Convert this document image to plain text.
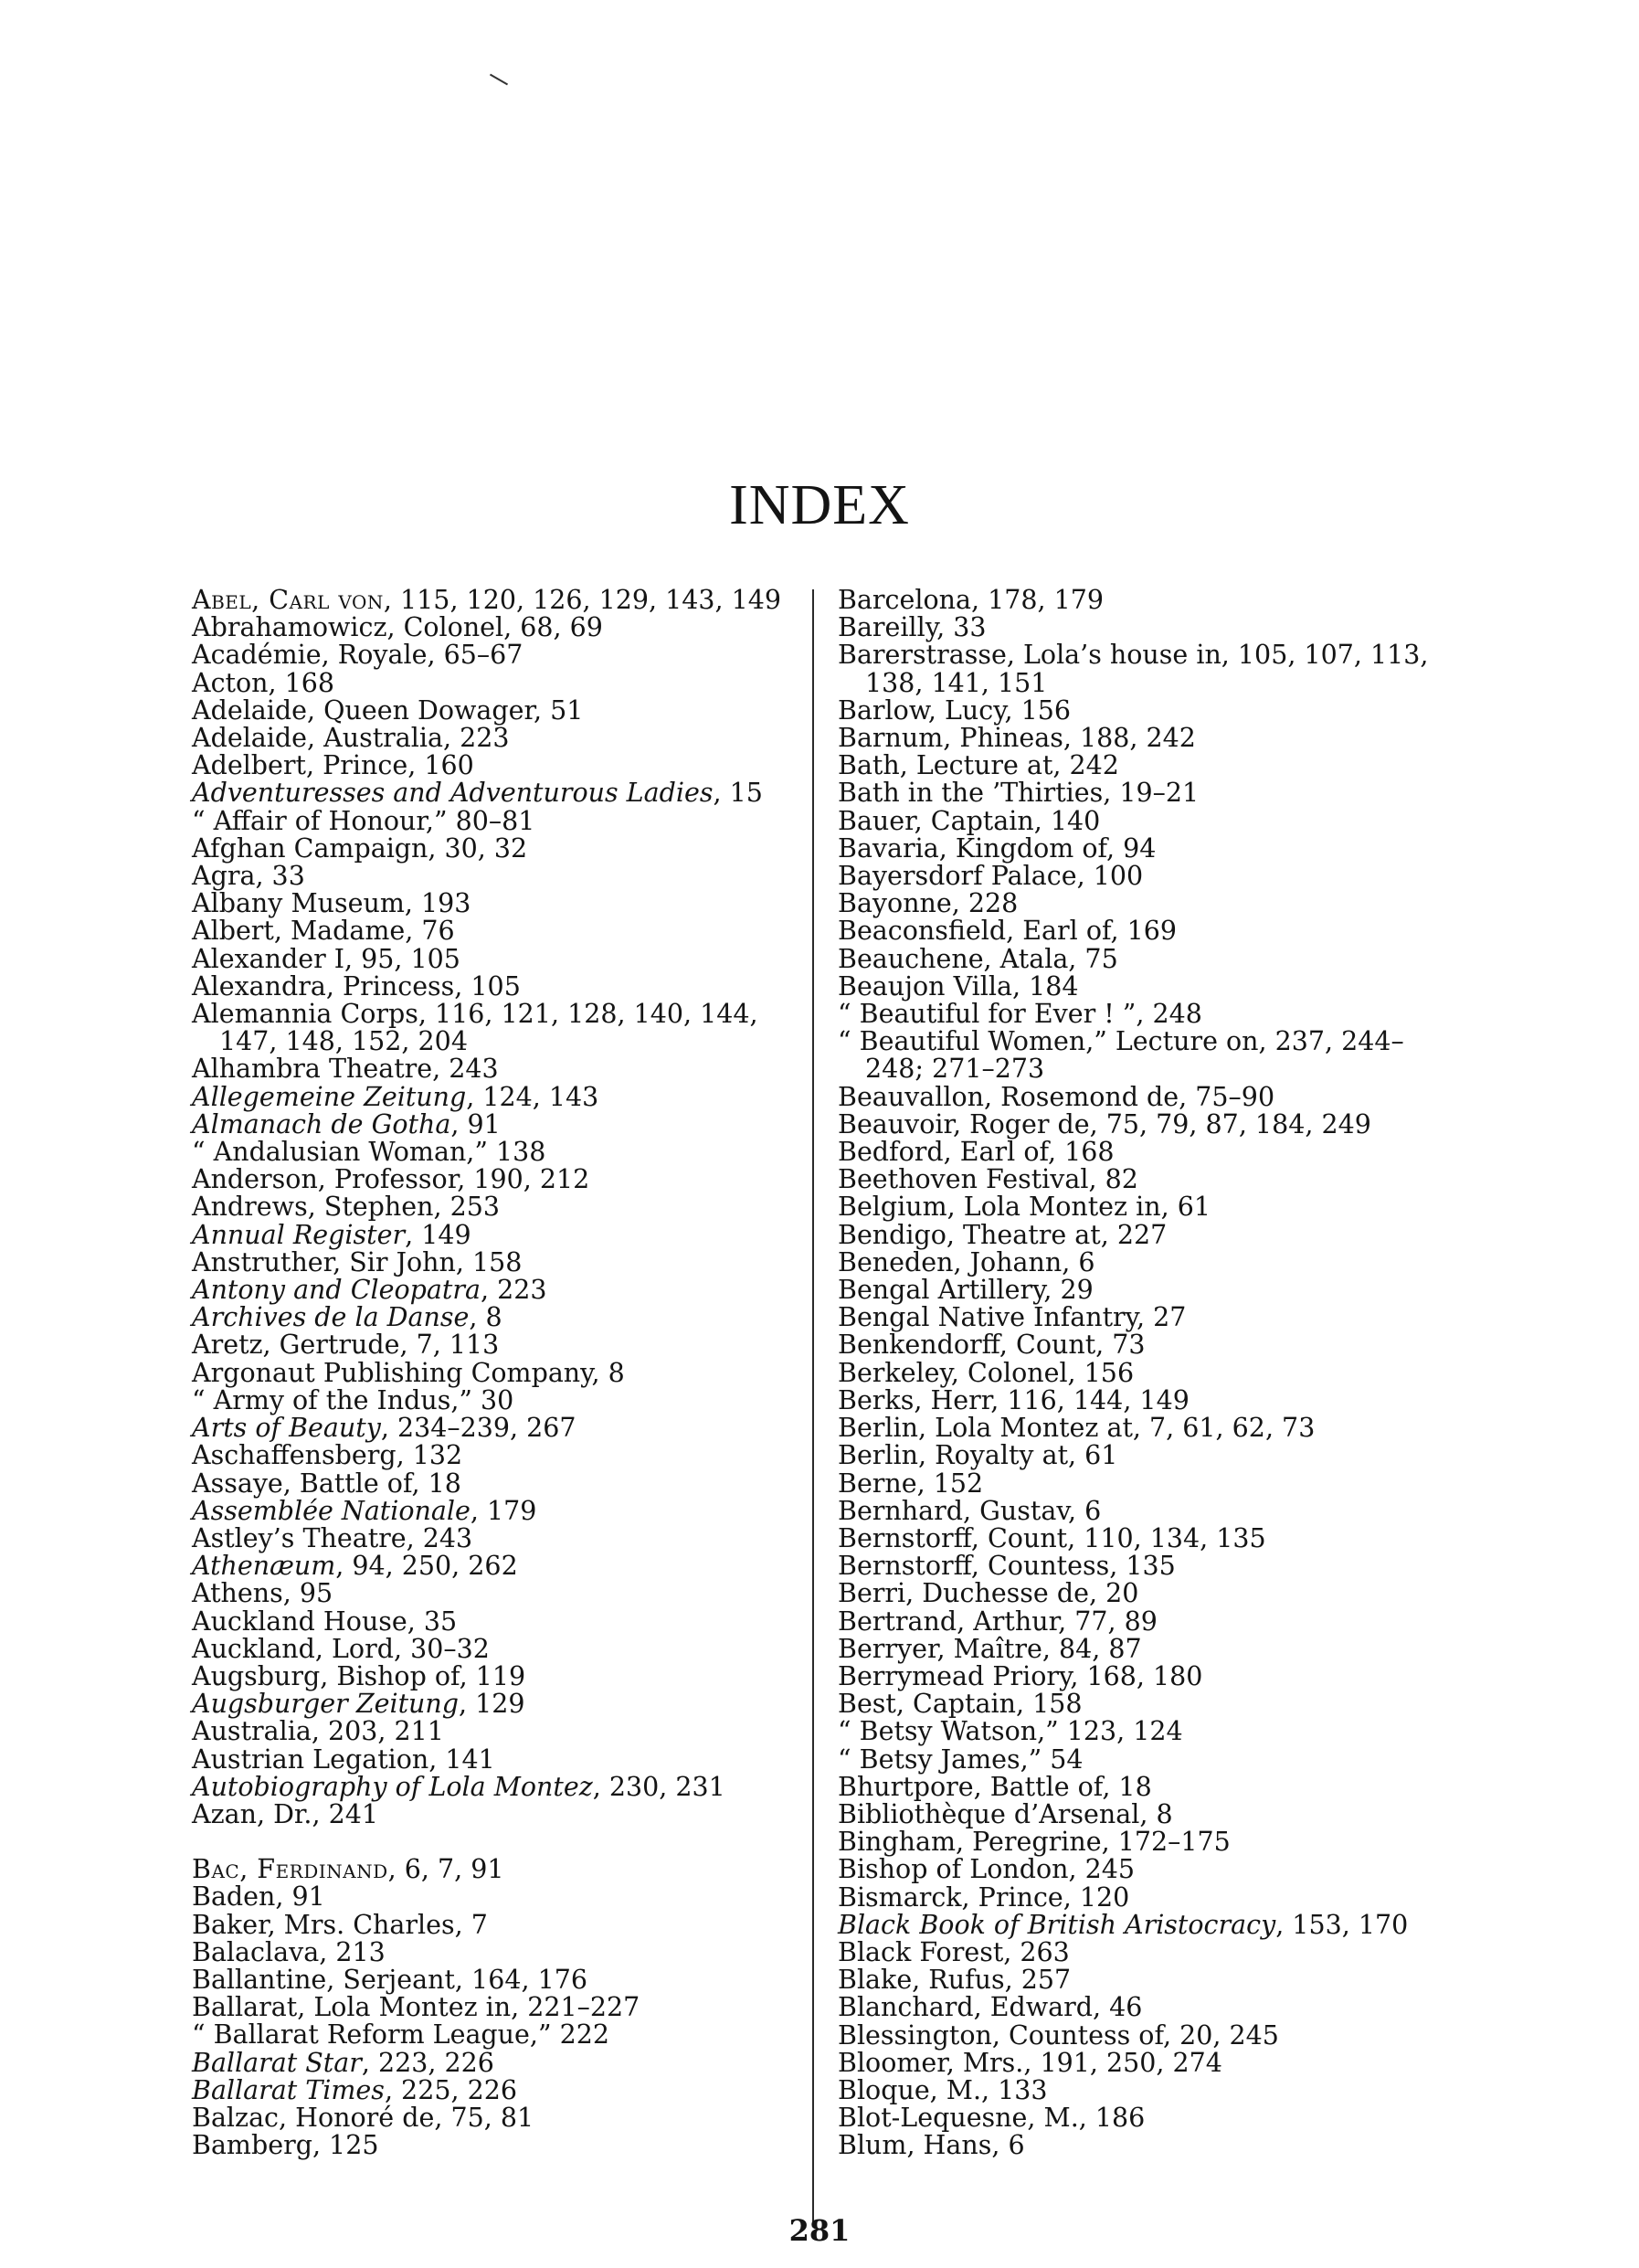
INDEX
Abel, Carl von, 115, 120, 126, 129, 143, 149
Abrahamowicz, Colonel, 68, 69
Académie, Royale, 65–67
Acton, 168
Adelaide, Queen Dowager, 51
Adelaide, Australia, 223
Adelbert, Prince, 160
Adventuresses and Adventurous Ladies, 15
“ Affair of Honour,” 80–81
Afghan Campaign, 30, 32
Agra, 33
Albany Museum, 193
Albert, Madame, 76
Alexander I, 95, 105
Alexandra, Princess, 105
Alemannia Corps, 116, 121, 128, 140, 144,
147, 148, 152, 204
Alhambra Theatre, 243
Allegemeine Zeitung, 124, 143
Almanach de Gotha, 91
“ Andalusian Woman,” 138
Anderson, Professor, 190, 212
Andrews, Stephen, 253
Annual Register, 149
Anstruther, Sir John, 158
Antony and Cleopatra, 223
Archives de la Danse, 8
Aretz, Gertrude, 7, 113
Argonaut Publishing Company, 8
“ Army of the Indus,” 30
Arts of Beauty, 234–239, 267
Aschaffensberg, 132
Assaye, Battle of, 18
Assemblée Nationale, 179
Astley’s Theatre, 243
Athenæum, 94, 250, 262
Athens, 95
Auckland House, 35
Auckland, Lord, 30–32
Augsburg, Bishop of, 119
Augsburger Zeitung, 129
Australia, 203, 211
Austrian Legation, 141
Autobiography of Lola Montez, 230, 231
Azan, Dr., 241
Bac, Ferdinand, 6, 7, 91
Baden, 91
Baker, Mrs. Charles, 7
Balaclava, 213
Ballantine, Serjeant, 164, 176
Ballarat, Lola Montez in, 221–227
“ Ballarat Reform League,” 222
Ballarat Star, 223, 226
Ballarat Times, 225, 226
Balzac, Honoré de, 75, 81
Bamberg, 125
Barcelona, 178, 179
Bareilly, 33
Barerstrasse, Lola’s house in, 105, 107, 113,
138, 141, 151
Barlow, Lucy, 156
Barnum, Phineas, 188, 242
Bath, Lecture at, 242
Bath in the ’Thirties, 19–21
Bauer, Captain, 140
Bavaria, Kingdom of, 94
Bayersdorf Palace, 100
Bayonne, 228
Beaconsfield, Earl of, 169
Beauchene, Atala, 75
Beaujon Villa, 184
“ Beautiful for Ever ! ”, 248
“ Beautiful Women,” Lecture on, 237, 244–
248; 271–273
Beauvallon, Rosemond de, 75–90
Beauvoir, Roger de, 75, 79, 87, 184, 249
Bedford, Earl of, 168
Beethoven Festival, 82
Belgium, Lola Montez in, 61
Bendigo, Theatre at, 227
Beneden, Johann, 6
Bengal Artillery, 29
Bengal Native Infantry, 27
Benkendorff, Count, 73
Berkeley, Colonel, 156
Berks, Herr, 116, 144, 149
Berlin, Lola Montez at, 7, 61, 62, 73
Berlin, Royalty at, 61
Berne, 152
Bernhard, Gustav, 6
Bernstorff, Count, 110, 134, 135
Bernstorff, Countess, 135
Berri, Duchesse de, 20
Bertrand, Arthur, 77, 89
Berryer, Maître, 84, 87
Berrymead Priory, 168, 180
Best, Captain, 158
“ Betsy Watson,” 123, 124
“ Betsy James,” 54
Bhurtpore, Battle of, 18
Bibliothèque d’Arsenal, 8
Bingham, Peregrine, 172–175
Bishop of London, 245
Bismarck, Prince, 120
Black Book of British Aristocracy, 153, 170
Black Forest, 263
Blake, Rufus, 257
Blanchard, Edward, 46
Blessington, Countess of, 20, 245
Bloomer, Mrs., 191, 250, 274
Bloque, M., 133
Blot-Lequesne, M., 186
Blum, Hans, 6
281
